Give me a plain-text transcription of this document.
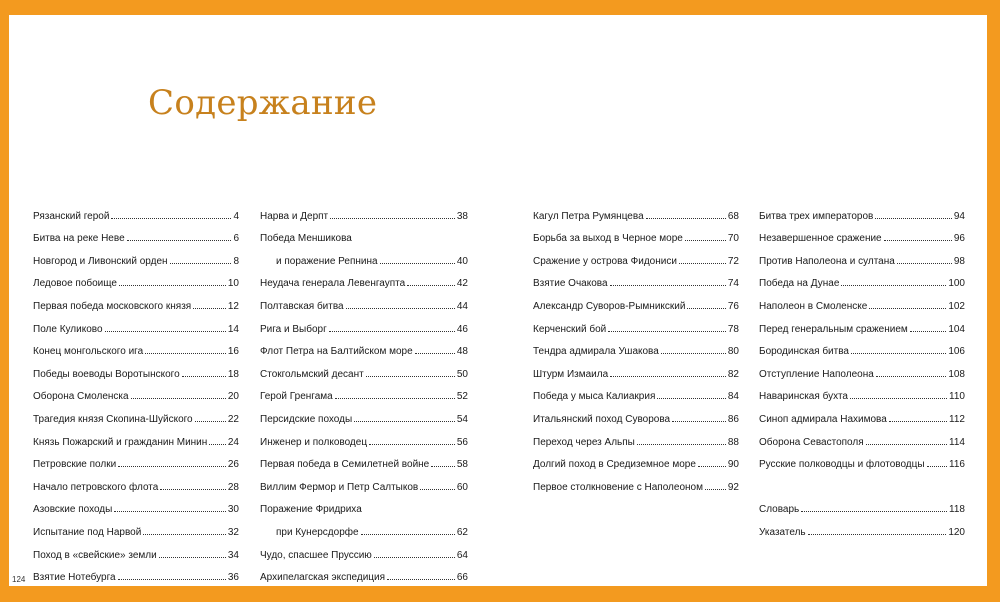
Содержание
Рязанский герой	4
Битва на реке Неве	6
Новгород и Ливонский орден	8
Ледовое побоище	10
Первая победа московского князя	12
Поле Куликово	14
Конец монгольского ига	16
Победы воеводы Воротынского	18
Оборона Смоленска	20
Трагедия князя Скопина-Шуйского	22
Князь Пожарский и гражданин Минин 24
Петровские полки	26
Начало петровского флота	28
Азовские походы	30
Испытание под Нарвой	32
Поход в «свейские» земли	34
Взятие Нотебурга	36
Нарва и Дерпт	38
Победа Меншикова
и поражение Репнина	40
Неудача генерала Левенгаупта	42
Полтавская битва	44
Рига и Выборг	46
Флот Петра на Балтийском море	48
Стокгольмский десант	50
Герой Гренгама	52
Персидские походы	54
Инженер и полководец	56
Первая победа в Семилетней войне	58
Виллим Фермор и Петр Салтыков	60
Поражение Фридриха
при Кунерсдорфе	62
Чудо, спасшее Пруссию	64
Архипелагская экспедиция	66
Кагул Петра Румянцева	68
Борьба за выход в Черное море	70
Сражение у острова Фидониси	72
Взятие Очакова	74
Александр Суворов-Рымникский	76
Керченский бой	78
Тендра адмирала Ушакова	80
Штурм Измаила	82
Победа у мыса Калиакрия	84
Итальянский поход Суворова	86
Переход через Альпы	88
Долгий поход в Средиземное море	90
Первое столкновение с Наполеоном 92
Битва трех императоров	94
Незавершенное сражение	96
Против Наполеона и султана	98
Победа на Дунае	100
Наполеон в Смоленске	102
Перед генеральным сражением	104
Бородинская битва	106
Отступление Наполеона	108
Наваринская бухта	110
Синоп адмирала Нахимова	112
Оборона Севастополя	114
Русские полководцы и флотоводцы 116
Словарь	118
Указатель	120
124
